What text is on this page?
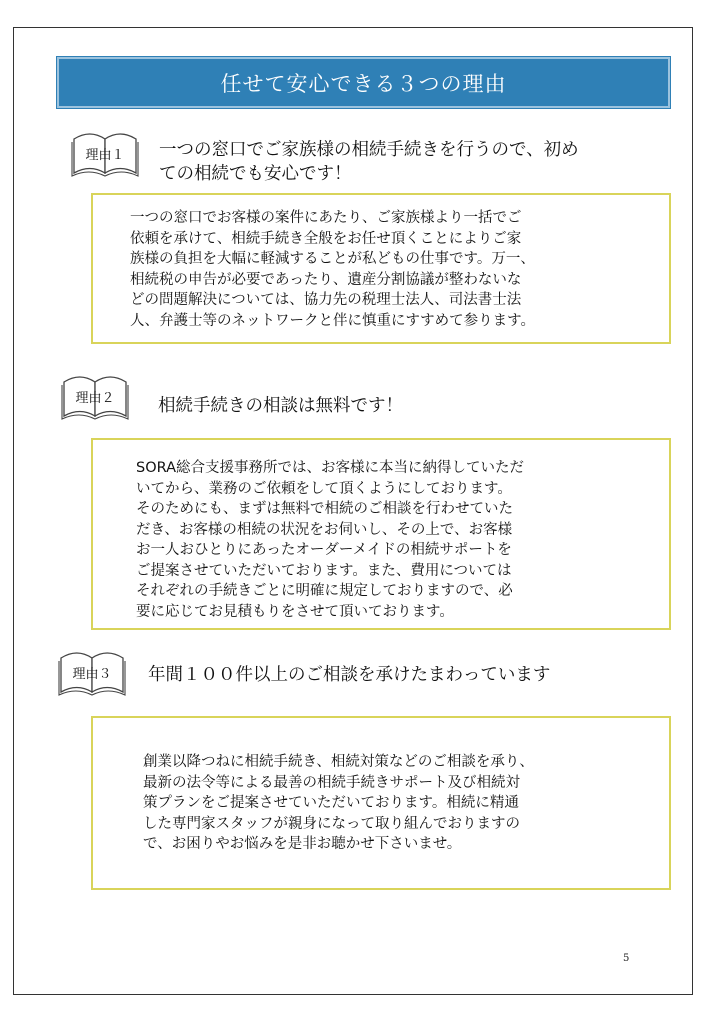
任せて安心できる３つの理由
理由１	一つの窓口でご家族様の相続手続きを行うので、初め
ての相続でも安心です！
一つの窓口でお客様の案件にあたり、ご家族様より一括でご
依頼を承けて、相続手続き全般をお任せ頂くことによりご家
族様の負担を大幅に軽減することが私どもの仕事です。万一、
相続税の申告が必要であったり、遺産分割協議が整わないな
どの問題解決については、協力先の税理士法人、司法書士法
人、弁護士等のネットワークと伴に慎重にすすめて参ります。
理由２	相続手続きの相談は無料です！
SORA総合支援事務所では、お客様に本当に納得していただ
いてから、業務のご依頼をして頂くようにしております。
そのためにも、まずは無料で相続のご相談を行わせていた
だき、お客様の相続の状況をお伺いし、その上で、お客様
お一人おひとりにあったオーダーメイドの相続サポートを
ご提案させていただいております。また、費用については
それぞれの手続きごとに明確に規定しておりますので、必
要に応じてお見積もりをさせて頂いております。
理由３	年間１００件以上のご相談を承けたまわっています
創業以降つねに相続手続き、相続対策などのご相談を承り、
最新の法令等による最善の相続手続きサポート及び相続対
策プランをご提案させていただいております。相続に精通
した専門家スタッフが親身になって取り組んでおりますの
で、お困りやお悩みを是非お聴かせ下さいませ。
5
